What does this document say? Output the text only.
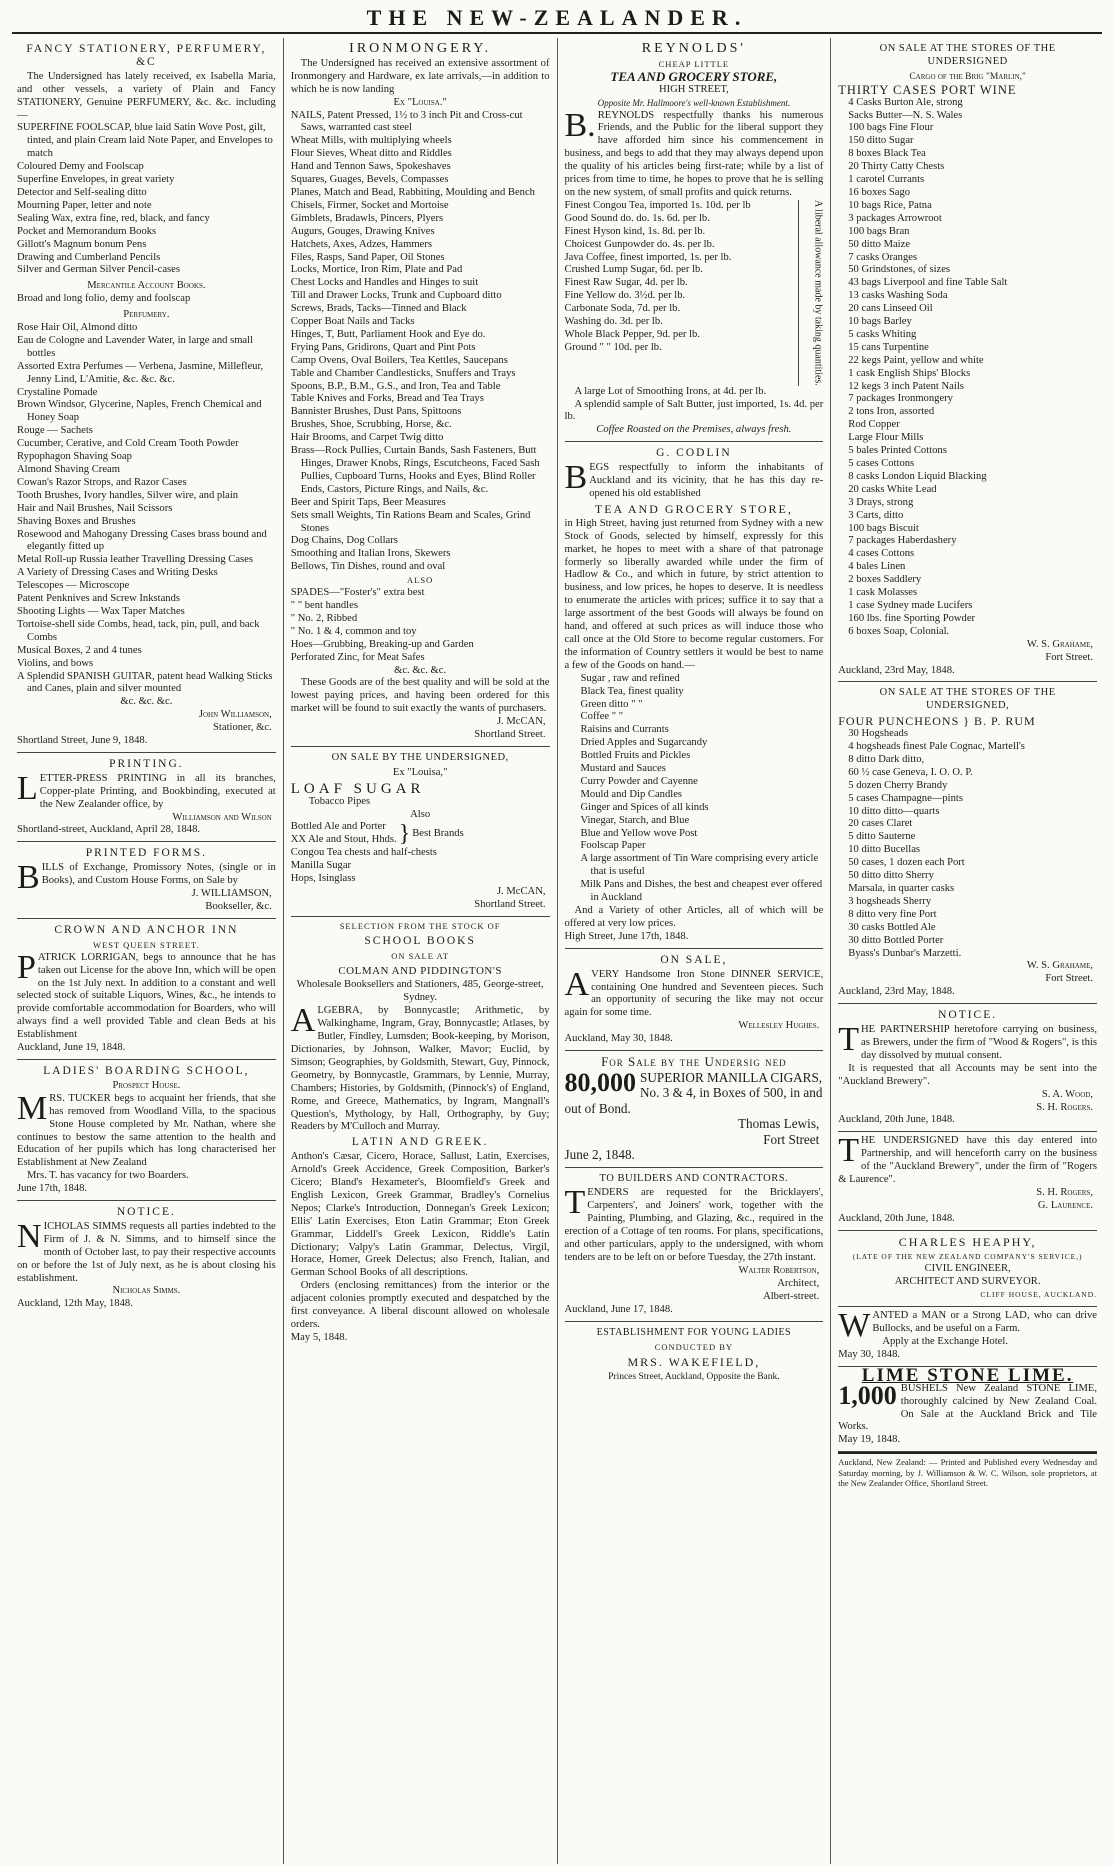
THE NEW-ZEALANDER.
FANCY STATIONERY, PERFUMERY, &C

The Undersigned has lately received, ex Isabella Maria, and other vessels, a variety of Plain and Fancy STATIONERY, Genuine PERFUMERY, &c. &c. including—

SUPERFINE FOOLSCAP, blue laid Satin Wove Post, gilt, tinted, and plain Cream laid Note Paper, and Envelopes to match
Coloured Demy and Foolscap
Superfine Envelopes, in great variety
Detector and Self-sealing ditto
Mourning Paper, letter and note
Sealing Wax, extra fine, red, black, and fancy
Pocket and Memorandum Books
Gillott's Magnum bonum Pens
Drawing and Cumberland Pencils
Silver and German Silver Pencil-cases
Mercantile Account Books.
Broad and long folio, demy and foolscap
Perfumery.
Rose Hair Oil, Almond ditto
Eau de Cologne and Lavender Water, in large and small bottles
Assorted Extra Perfumes — Verbena, Jasmine, Millefleur, Jenny Lind, L'Amitie, &c. &c. &c.
Crystaline Pomade
Brown Windsor, Glycerine, Naples, French Chemical and Honey Soap
Rouge — Sachets
Cucumber, Cerative, and Cold Cream Tooth Powder
Rypophagon Shaving Soap
Almond Shaving Cream
Cowan's Razor Strops, and Razor Cases
Tooth Brushes, Ivory handles, Silver wire, and plain
Hair and Nail Brushes, Nail Scissors
Shaving Boxes and Brushes
Rosewood and Mahogany Dressing Cases brass bound and elegantly fitted up
Metal Roll-up Russia leather Travelling Dressing Cases
A Variety of Dressing Cases and Writing Desks
Telescopes — Microscope
Patent Penknives and Screw Inkstands
Shooting Lights — Wax Taper Matches
Tortoise-shell side Combs, head, tack, pin, pull, and back Combs
Musical Boxes, 2 and 4 tunes
Violins, and bows
A Splendid SPANISH GUITAR, patent head Walking Sticks and Canes, plain and silver mounted
&c. &c. &c.
John Williamson,
Stationer, &c.
Shortland Street, June 9, 1848.
PRINTING.

LETTER-PRESS PRINTING in all its branches, Copper-plate Printing, and Bookbinding, executed at the New Zealander office, by

Williamson and Wilson
Shortland-street, Auckland, April 28, 1848.
PRINTED FORMS.

BILLS of Exchange, Promissory Notes, (single or in Books), and Custom House Forms, on Sale by

J. WILLIAMSON,
Bookseller, &c.
CROWN AND ANCHOR INN
WEST QUEEN STREET.

PATRICK LORRIGAN, begs to announce that he has taken out License for the above Inn, which will be open on the 1st July next. In addition to a constant and well selected stock of suitable Liquors, Wines, &c., he intends to provide comfortable accommodation for Boarders, who will always find a well provided Table and clean Beds at his Establishment

Auckland, June 19, 1848.
LADIES' BOARDING SCHOOL,
Prospect House.

MRS. TUCKER begs to acquaint her friends, that she has removed from Woodland Villa, to the spacious Stone House completed by Mr. Nathan, where she continues to bestow the same attention to the health and Education of her pupils which has long characterised her Establishment at New Zealand

Mrs. T. has vacancy for two Boarders.

June 17th, 1848.
NOTICE.

NICHOLAS SIMMS requests all parties indebted to the Firm of J. & N. Simms, and to himself since the month of October last, to pay their respective accounts on or before the 1st of July next, as he is about closing his establishment.

Nicholas Simms.
Auckland, 12th May, 1848.
IRONMONGERY.

The Undersigned has received an extensive assortment of Ironmongery and Hardware, ex late arrivals,—in addition to which he is now landing

Ex "Louisa."
NAILS, Patent Pressed, 1½ to 3 inch Pit and Cross-cut Saws, warranted cast steel
Wheat Mills, with multiplying wheels
Flour Sieves, Wheat ditto and Riddles
Hand and Tennon Saws, Spokeshaves
Squares, Guages, Bevels, Compasses
Planes, Match and Bead, Rabbiting, Moulding and Bench
Chisels, Firmer, Socket and Mortoise
Gimblets, Bradawls, Pincers, Plyers
Augurs, Gouges, Drawing Knives
Hatchets, Axes, Adzes, Hammers
Files, Rasps, Sand Paper, Oil Stones
Locks, Mortice, Iron Rim, Plate and Pad
Chest Locks and Handles and Hinges to suit
Till and Drawer Locks, Trunk and Cupboard ditto
Screws, Brads, Tacks—Tinned and Black
Copper Boat Nails and Tacks
Hinges, T, Butt, Parliament Hook and Eye do.
Frying Pans, Gridirons, Quart and Pint Pots
Camp Ovens, Oval Boilers, Tea Kettles, Saucepans
Table and Chamber Candlesticks, Snuffers and Trays
Spoons, B.P., B.M., G.S., and Iron, Tea and Table
Table Knives and Forks, Bread and Tea Trays
Bannister Brushes, Dust Pans, Spittoons
Brushes, Shoe, Scrubbing, Horse, &c.
Hair Brooms, and Carpet Twig ditto
Brass—Rock Pullies, Curtain Bands, Sash Fasteners, Butt Hinges, Drawer Knobs, Rings, Escutcheons, Faced Sash Pullies, Cupboard Turns, Hooks and Eyes, Blind Roller Ends, Castors, Picture Rings, and Nails, &c.
Beer and Spirit Taps, Beer Measures
Sets small Weights, Tin Rations Beam and Scales, Grind Stones
Dog Chains, Dog Collars
Smoothing and Italian Irons, Skewers
Bellows, Tin Dishes, round and oval
ALSO
SPADES—"Foster's" extra best
" " bent handles
" No. 2, Ribbed
" No. 1 & 4, common and toy
Hoes—Grubbing, Breaking-up and Garden
Perforated Zinc, for Meat Safes
&c. &c. &c.

These Goods are of the best quality and will be sold at the lowest paying prices, and having been ordered for this market will be found to suit exactly the wants of purchasers.

J. McCAN,
Shortland Street.
ON SALE BY THE UNDERSIGNED,
Ex "Louisa,"
LOAF SUGAR
Tobacco Pipes
Also
Bottled Ale and Porter
XX Ale and Stout, Hhds. } Best Brands
Congou Tea chests and half-chests
Manilla Sugar
Hops, Isinglass
J. McCAN,
Shortland Street.
SELECTION FROM THE STOCK OF
SCHOOL BOOKS
ON SALE AT
COLMAN AND PIDDINGTON'S
Wholesale Booksellers and Stationers, 485, George-street, Sydney.

ALGEBRA, by Bonnycastle; Arithmetic, by Walkinghame, Ingram, Gray, Bonnycastle; Atlases, by Butler, Findley, Lumsden; Book-keeping, by Morison, Dictionaries, by Johnson, Walker, Mavor; Euclid, by Simson; Geographies, by Goldsmith, Stewart, Guy, Pinnock, Geometry, by Bonnycastle, Grammars, by Lennie, Murray, Chambers; Histories, by Goldsmith, (Pinnock's) of England, Rome, and Greece, Mathematics, by Ingram, Mangnall's Question's, Mythology, by Hall, Orthography, by Guy; Readers by M'Culloch and Murray.

LATIN AND GREEK.

Anthon's Cæsar, Cicero, Horace, Sallust, Latin, Exercises, Arnold's Greek Accidence, Greek Composition, Barker's Cicero; Bland's Hexameter's, Bloomfield's Greek and English Lexicon, Greek Grammar, Bradley's Cornelius Nepos; Clarke's Introduction, Donnegan's Greek Lexicon; Ellis' Latin Exercises, Eton Latin Grammar; Eton Greek Grammar, Liddell's Greek Lexicon, Riddle's Latin Dictionary; Valpy's Latin Grammar, Delectus, Virgil, Horace, Homer, Greek Delectus; also French, Italian, and German School Books of all descriptions.

Orders (enclosing remittances) from the interior or the adjacent colonies promptly executed and despatched by the first conveyance. A liberal discount allowed on wholesale orders.

May 5, 1848.
REYNOLDS'
CHEAP LITTLE
TEA AND GROCERY STORE,
HIGH STREET,
Opposite Mr. Hallmoore's well-known Establishment.

B.REYNOLDS respectfully thanks his numerous Friends, and the Public for the liberal support they have afforded him since his commencement in business, and begs to add that they may always depend upon the quality of his articles being first-rate; while by a list of prices from time to time, he hopes to prove that he is selling on the new system, of small profits and quick returns.

Finest Congou Tea, imported 1s. 10d. per lb
Good Sound do. do. 1s. 6d. per lb.
Finest Hyson kind, 1s. 8d. per lb.
Choicest Gunpowder do. 4s. per lb.
Java Coffee, finest imported, 1s. per lb.
Crushed Lump Sugar, 6d. per lb.
Finest Raw Sugar, 4d. per lb.
Fine Yellow do. 3½d. per lb.
Carbonate Soda, 7d. per lb.
Washing do. 3d. per lb.
Whole Black Pepper, 9d. per lb.
Ground " " 10d. per lb.	A liberal allowance made by taking quantities.

A large Lot of Smoothing Irons, at 4d. per lb.

A splendid sample of Salt Butter, just imported, 1s. 4d. per lb.

Coffee Roasted on the Premises, always fresh.
G. CODLIN

BEGS respectfully to inform the inhabitants of Auckland and its vicinity, that he has this day re-opened his old established

TEA AND GROCERY STORE,

in High Street, having just returned from Sydney with a new Stock of Goods, selected by himself, expressly for this market, he hopes to meet with a share of that patronage formerly so liberally awarded while under the firm of Hadlow & Co., and which in future, by strict attention to business, and low prices, he hopes to deserve. It is needless to enumerate the articles with prices; suffice it to say that a large assortment of the best Goods will always be found on hand, and offered at such prices as will induce those who call once at the Old Store to become regular customers. For the information of Country settlers it would be best to name a few of the Goods on hand.—

Sugar , raw and refined
Black Tea, finest quality
Green ditto " "
Coffee " "
Raisins and Currants
Dried Apples and Sugarcandy
Bottled Fruits and Pickles
Mustard and Sauces
Curry Powder and Cayenne
Mould and Dip Candles
Ginger and Spices of all kinds
Vinegar, Starch, and Blue
Blue and Yellow wove Post
Foolscap Paper
A large assortment of Tin Ware comprising every article that is useful
Milk Pans and Dishes, the best and cheapest ever offered in Auckland

And a Variety of other Articles, all of which will be offered at very low prices.

High Street, June 17th, 1848.
ON SALE,

AVERY Handsome Iron Stone DINNER SERVICE, containing One hundred and Seventeen pieces. Such an opportunity of securing the like may not occur again for some time.

Wellesley Hughes.
Auckland, May 30, 1848.
For Sale by the Undersig ned
80,000 SUPERIOR MANILLA CIGARS, No. 3 & 4, in Boxes of 500, in and out of Bond.
Thomas Lewis,
Fort Street
June 2, 1848.
TO BUILDERS AND CONTRACTORS.

TENDERS are requested for the Bricklayers', Carpenters', and Joiners' work, together with the Painting, Plumbing, and Glazing, &c., required in the erection of a Cottage of ten rooms. For plans, specifications, and other particulars, apply to the undersigned, with whom tenders are to be left on or before Tuesday, the 27th instant.

Walter Robertson,
Architect,
Albert-street.
Auckland, June 17, 1848.
ESTABLISHMENT FOR YOUNG LADIES
CONDUCTED BY
MRS. WAKEFIELD,
Princes Street, Auckland, Opposite the Bank.
ON SALE AT THE STORES OF THE UNDERSIGNED
Cargo of the Brig "Marlin,"
THIRTY CASES PORT WINE
4 Casks Burton Ale, strong
Sacks Butter—N. S. Wales
100 bags Fine Flour
150 ditto Sugar
8 boxes Black Tea
20 Thirty Catty Chests
1 carotel Currants
16 boxes Sago
10 bags Rice, Patna
3 packages Arrowroot
100 bags Bran
50 ditto Maize
7 casks Oranges
50 Grindstones, of sizes
43 bags Liverpool and fine Table Salt
13 casks Washing Soda
20 cans Linseed Oil
10 bags Barley
5 casks Whiting
15 cans Turpentine
22 kegs Paint, yellow and white
1 cask English Ships' Blocks
12 kegs 3 inch Patent Nails
7 packages Ironmongery
2 tons Iron, assorted
Rod Copper
Large Flour Mills
5 bales Printed Cottons
5 cases Cottons
8 casks London Liquid Blacking
20 casks White Lead
3 Drays, strong
3 Carts, ditto
100 bags Biscuit
7 packages Haberdashery
4 cases Cottons
4 bales Linen
2 boxes Saddlery
1 cask Molasses
1 case Sydney made Lucifers
160 lbs. fine Sporting Powder
6 boxes Soap, Colonial.
W. S. Grahame,
Fort Street.
Auckland, 23rd May, 1848.
ON SALE AT THE STORES OF THE UNDERSIGNED,
FOUR PUNCHEONS } B. P. RUM
30 Hogsheads
4 hogsheads finest Pale Cognac, Martell's
8 ditto Dark ditto,
60 ½ case Geneva, I. O. O. P.
5 dozen Cherry Brandy
5 cases Champagne—pints
10 ditto ditto—quarts
20 cases Claret
5 ditto Sauterne
10 ditto Bucellas
50 cases, 1 dozen each Port
50 ditto ditto Sherry
Marsala, in quarter casks
3 hogsheads Sherry
8 ditto very fine Port
30 casks Bottled Ale
30 ditto Bottled Porter
Byass's Dunbar's Marzetti.
W. S. Grahame,
Fort Street.
Auckland, 23rd May, 1848.
NOTICE.

THE PARTNERSHIP heretofore carrying on business, as Brewers, under the firm of "Wood & Rogers", is this day dissolved by mutual consent.

It is requested that all Accounts may be sent into the "Auckland Brewery".

S. A. Wood,
S. H. Rogers.
Auckland, 20th June, 1848.

THE UNDERSIGNED have this day entered into Partnership, and will henceforth carry on the business of the "Auckland Brewery", under the firm of "Rogers & Laurence".

S. H. Rogers,
G. Laurence.
Auckland, 20th June, 1848.
CHARLES HEAPHY,
(LATE OF THE NEW ZEALAND COMPANY'S SERVICE,)
CIVIL ENGINEER,
ARCHITECT AND SURVEYOR.
CLIFF HOUSE, AUCKLAND.

WANTED a MAN or a Strong LAD, who can drive Bullocks, and be useful on a Farm.

Apply at the Exchange Hotel.

May 30, 1848.
LIME STONE LIME.
1,000 BUSHELS New Zealand STONE LIME, thoroughly calcined by New Zealand Coal. On Sale at the Auckland Brick and Tile Works.

May 19, 1848.
Auckland, New Zealand: — Printed and Published every Wednesday and Saturday morning, by J. Williamson & W. C. Wilson, sole proprietors, at the New Zealander Office, Shortland Street.
